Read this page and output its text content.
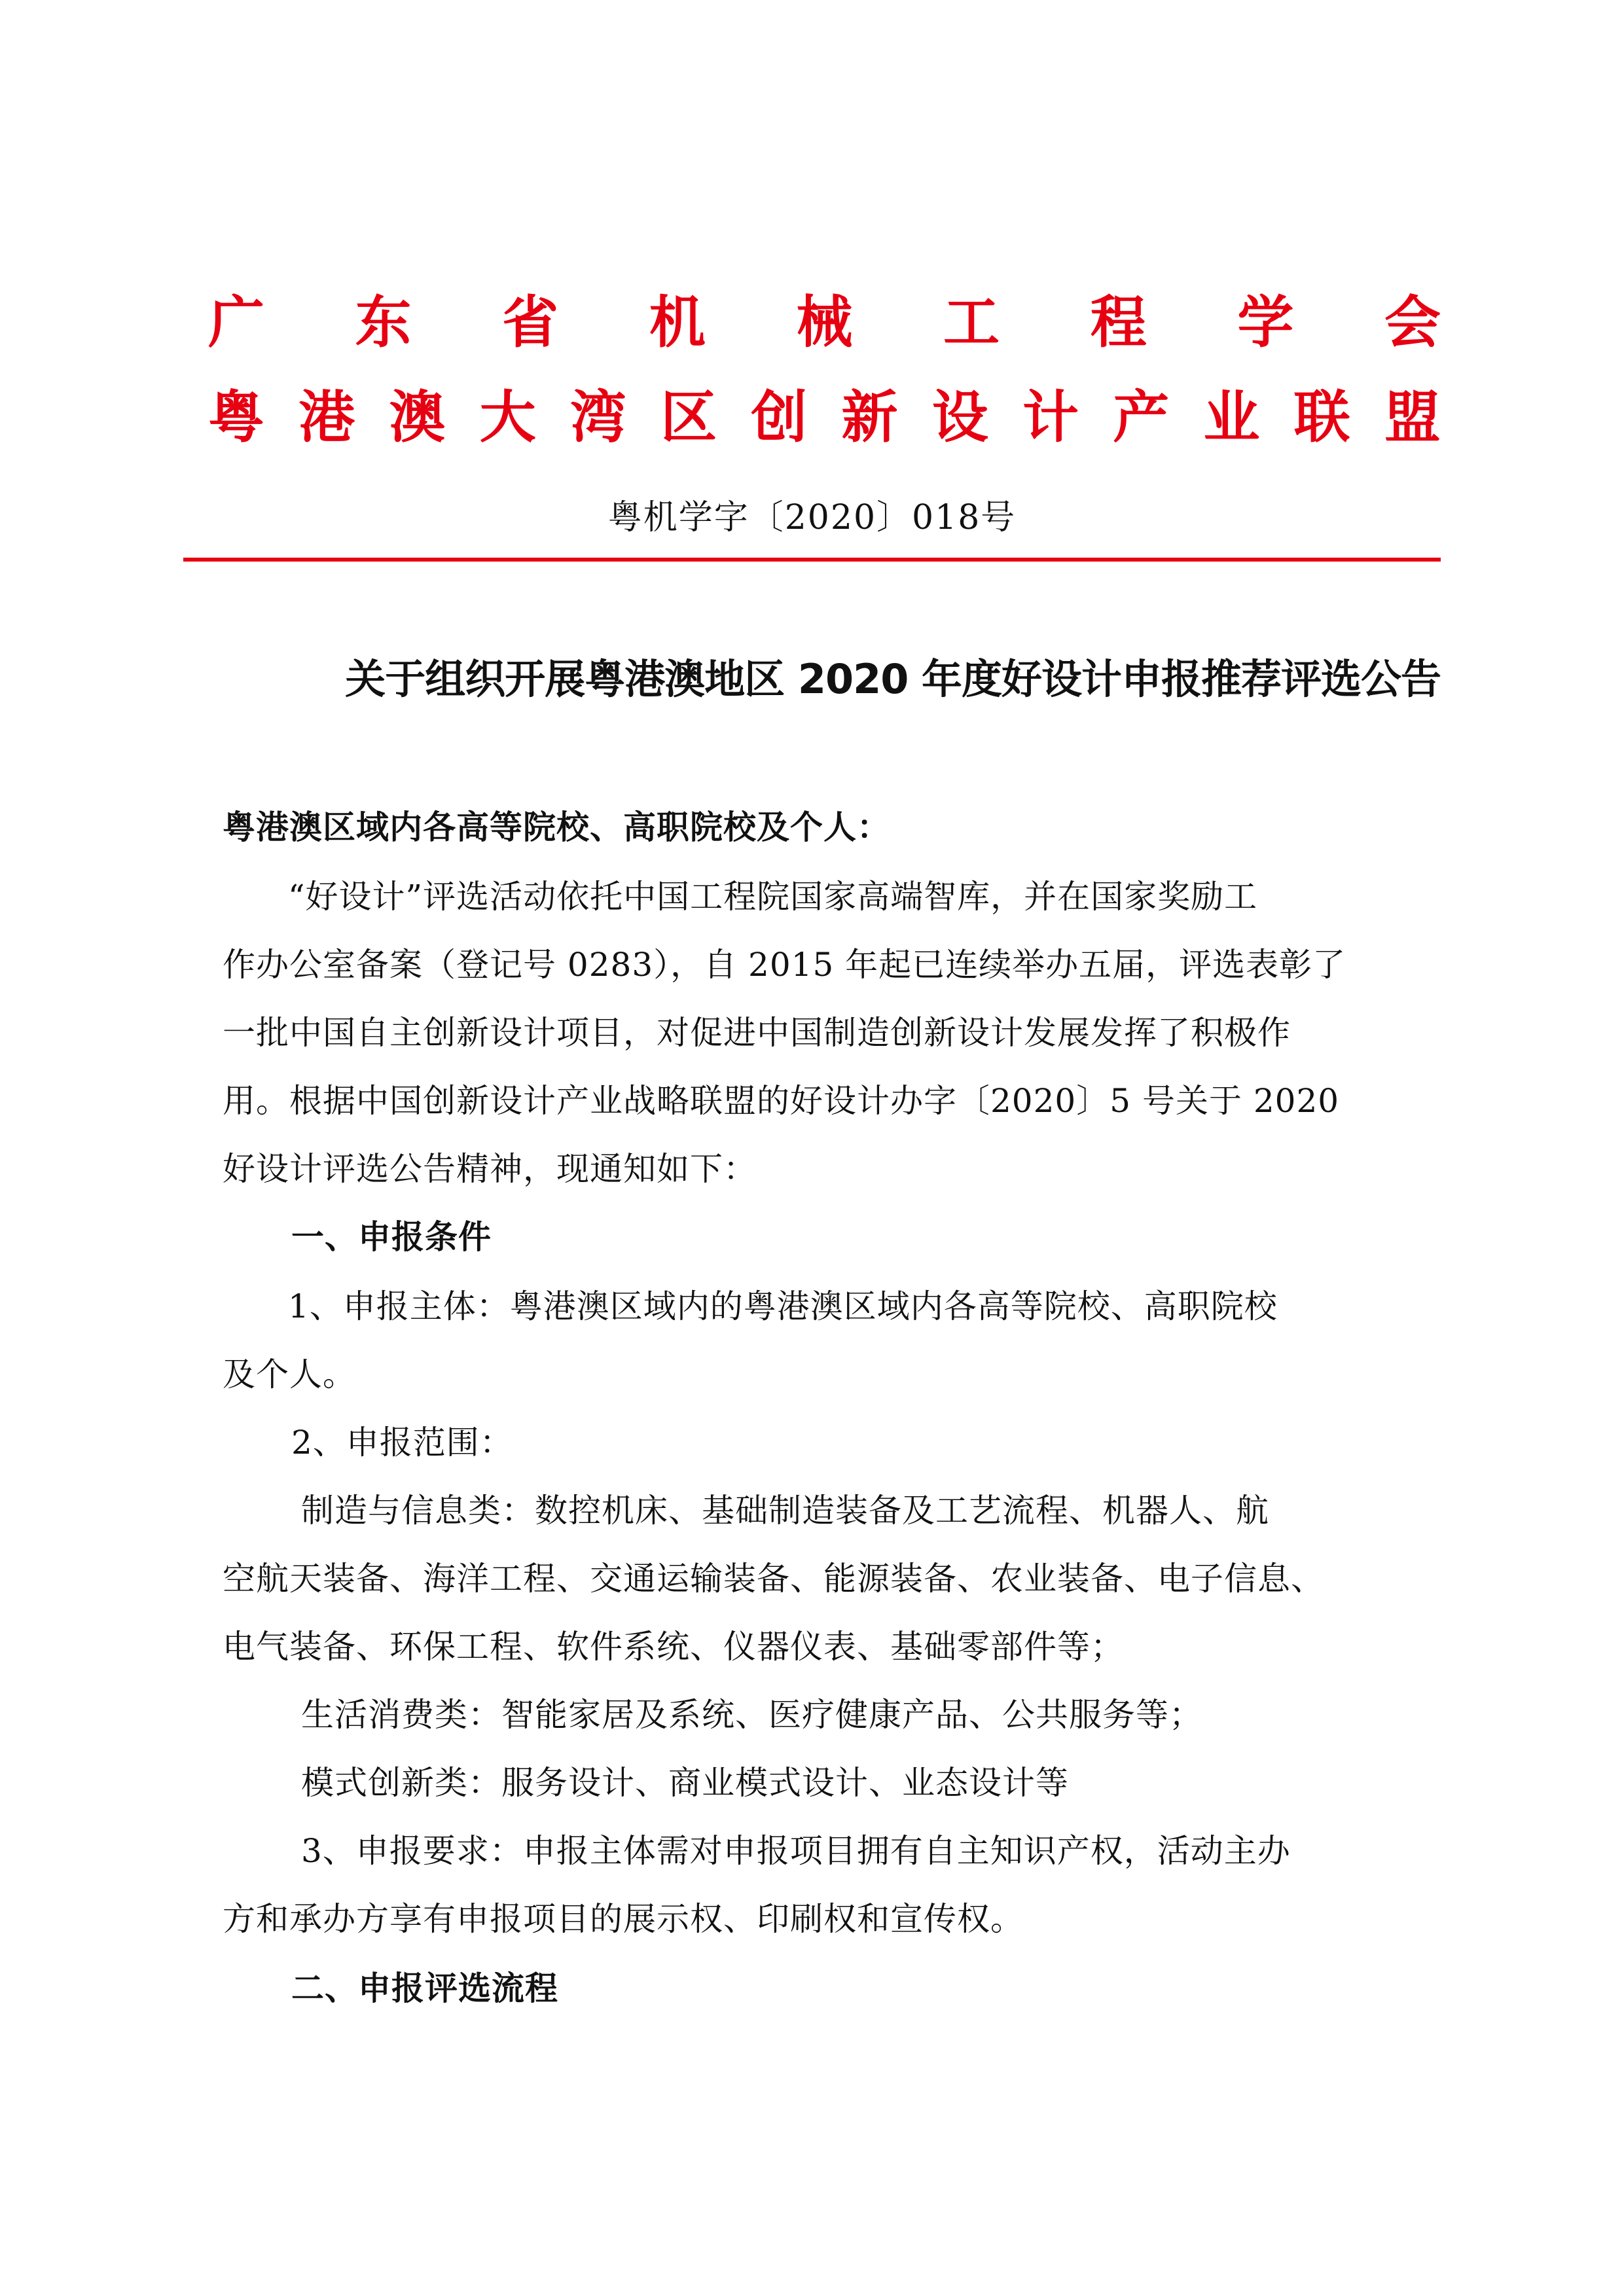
广 东 省 机 械 工 程 学 会
粤 港 澳 大 湾 区 创 新 设 计 产 业 联 盟
粤机学字〔2020〕018号
关于组织开展粤港澳地区 2020 年度好设计申报推荐评选公告
粤港澳区域内各高等院校、高职院校及个人：
“好设计”评选活动依托中国工程院国家高端智库，并在国家奖励工
作办公室备案（登记号 0283），自 2015 年起已连续举办五届，评选表彰了
一批中国自主创新设计项目，对促进中国制造创新设计发展发挥了积极作
用。根据中国创新设计产业战略联盟的好设计办字〔2020〕5 号关于 2020
好设计评选公告精神，现通知如下：
一、申报条件
1、申报主体：粤港澳区域内的粤港澳区域内各高等院校、高职院校
及个人。
2、申报范围：
制造与信息类：数控机床、基础制造装备及工艺流程、机器人、航
空航天装备、海洋工程、交通运输装备、能源装备、农业装备、电子信息、
电气装备、环保工程、软件系统、仪器仪表、基础零部件等；
生活消费类：智能家居及系统、医疗健康产品、公共服务等；
模式创新类：服务设计、商业模式设计、业态设计等
3、申报要求：申报主体需对申报项目拥有自主知识产权，活动主办
方和承办方享有申报项目的展示权、印刷权和宣传权。
二、申报评选流程
